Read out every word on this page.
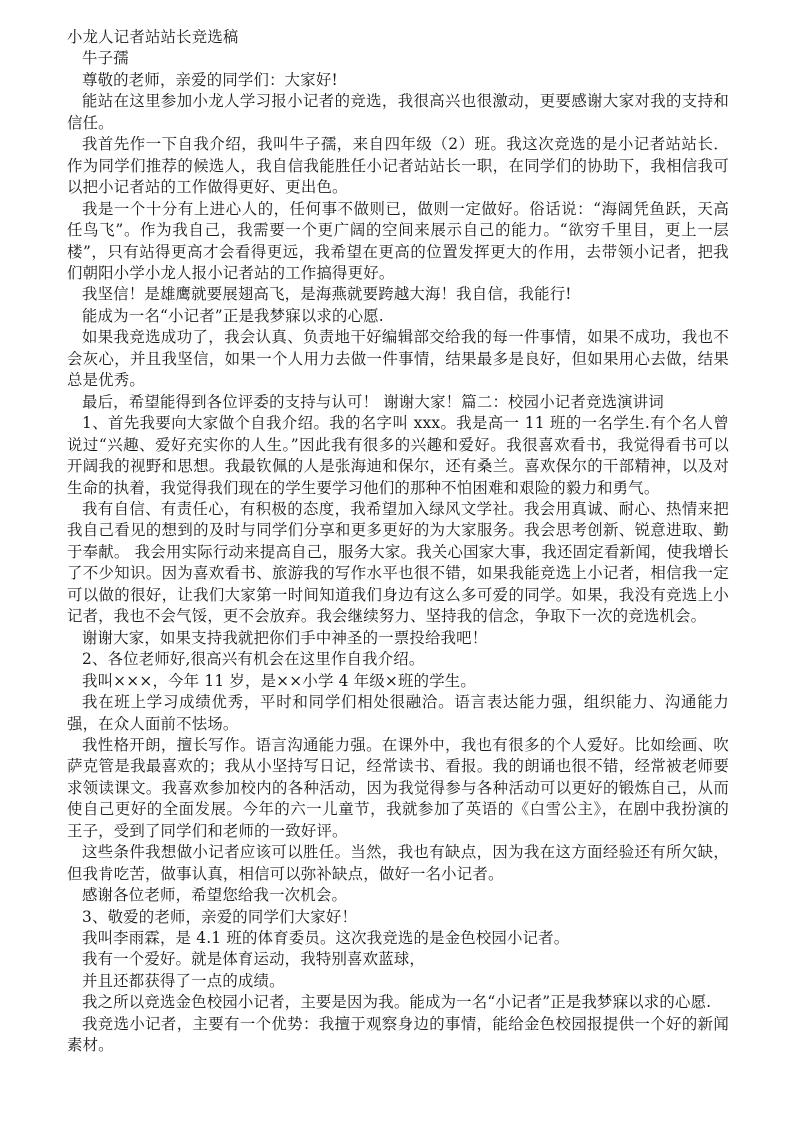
小龙人记者站站长竞选稿

牛子孺

尊敬的老师，亲爱的同学们：大家好!

能站在这里参加小龙人学习报小记者的竞选，我很高兴也很激动，更要感谢大家对我的支持和信任。

我首先作一下自我介绍，我叫牛子孺，来自四年级（2）班。我这次竞选的是小记者站站长．作为同学们推荐的候选人，我自信我能胜任小记者站站长一职，在同学们的协助下，我相信我可以把小记者站的工作做得更好、更出色。

我是一个十分有上进心人的，任何事不做则已，做则一定做好。俗话说：“海阔凭鱼跃，天高任鸟飞”。作为我自己，我需要一个更广阔的空间来展示自己的能力。“欲穷千里目，更上一层楼”，只有站得更高才会看得更远，我希望在更高的位置发挥更大的作用，去带领小记者，把我们朝阳小学小龙人报小记者站的工作搞得更好。

我坚信！是雄鹰就要展翅高飞，是海燕就要跨越大海！我自信，我能行!

能成为一名“小记者”正是我梦寐以求的心愿.

如果我竞选成功了，我会认真、负责地干好编辑部交给我的每一件事情，如果不成功，我也不会灰心，并且我坚信，如果一个人用力去做一件事情，结果最多是良好，但如果用心去做，结果总是优秀。

最后，希望能得到各位评委的支持与认可！ 谢谢大家！篇二：校园小记者竞选演讲词

1、首先我要向大家做个自我介绍。我的名字叫 xxx。我是高一 11 班的一名学生.有个名人曾说过“兴趣、爱好充实你的人生。”因此我有很多的兴趣和爱好。我很喜欢看书，我觉得看书可以开阔我的视野和思想。我最钦佩的人是张海迪和保尔，还有桑兰。喜欢保尔的干部精神，以及对生命的执着，我觉得我们现在的学生要学习他们的那种不怕困难和艰险的毅力和勇气。

我有自信、有责任心，有积极的态度，我希望加入绿风文学社。我会用真诚、耐心、热情来把我自己看见的想到的及时与同学们分享和更多更好的为大家服务。我会思考创新、锐意进取、勤于奉献。 我会用实际行动来提高自己，服务大家。我关心国家大事，我还固定看新闻，使我增长了不少知识。因为喜欢看书、旅游我的写作水平也很不错，如果我能竞选上小记者，相信我一定可以做的很好，让我们大家第一时间知道我们身边有这么多可爱的同学。如果，我没有竞选上小记者，我也不会气馁，更不会放弃。我会继续努力、坚持我的信念，争取下一次的竞选机会。

谢谢大家，如果支持我就把你们手中神圣的一票投给我吧！

2、各位老师好,很高兴有机会在这里作自我介绍。

我叫×××，今年 11 岁，是××小学 4 年级×班的学生。

我在班上学习成绩优秀，平时和同学们相处很融洽。语言表达能力强，组织能力、沟通能力强，在众人面前不怯场。

我性格开朗，擅长写作。语言沟通能力强。在课外中，我也有很多的个人爱好。比如绘画、吹萨克管是我最喜欢的；我从小坚持写日记，经常读书、看报。我的朗诵也很不错，经常被老师要求领读课文。我喜欢参加校内的各种活动，因为我觉得参与各种活动可以更好的锻炼自己，从而使自己更好的全面发展。今年的六一儿童节，我就参加了英语的《白雪公主》，在剧中我扮演的王子，受到了同学们和老师的一致好评。

这些条件我想做小记者应该可以胜任。当然，我也有缺点，因为我在这方面经验还有所欠缺，但我肯吃苦，做事认真，相信可以弥补缺点，做好一名小记者。

感谢各位老师，希望您给我一次机会。

3、敬爱的老师，亲爱的同学们大家好！

我叫李雨霖，是 4.1 班的体育委员。这次我竞选的是金色校园小记者。

我有一个爱好。就是体育运动，我特别喜欢蓝球，

并且还都获得了一点的成绩。

我之所以竞选金色校园小记者，主要是因为我。能成为一名“小记者”正是我梦寐以求的心愿.

我竞选小记者，主要有一个优势：我擅于观察身边的事情，能给金色校园报提供一个好的新闻素材。
